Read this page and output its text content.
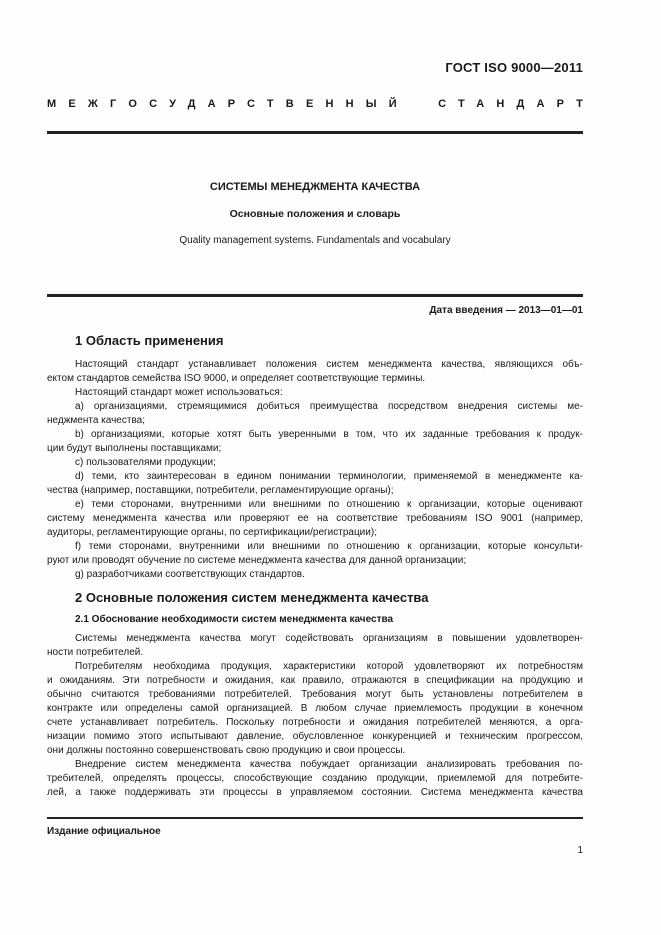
ГОСТ ISO 9000—2011
МЕЖГОСУДАРСТВЕННЫЙ	СТАНДАРТ
СИСТЕМЫ МЕНЕДЖМЕНТА КАЧЕСТВА
Основные положения и словарь
Quality management systems. Fundamentals and vocabulary
Дата введения — 2013—01—01
1 Область применения
Настоящий стандарт устанавливает положения систем менеджмента качества, являющихся объ-
ектом стандартов семейства ISO 9000, и определяет соответствующие термины.
Настоящий стандарт может использоваться:
а) организациями, стремящимися добиться преимущества посредством внедрения системы ме-
неджмента качества;
b) организациями, которые хотят быть уверенными в том, что их заданные требования к продук-
ции будут выполнены поставщиками;
с) пользователями продукции;
d) теми, кто заинтересован в едином понимании терминологии, применяемой в менеджменте ка-
чества (например, поставщики, потребители, регламентирующие органы);
е) теми сторонами, внутренними или внешними по отношению к организации, которые оценивают
систему менеджмента качества или проверяют ее на соответствие требованиям ISO 9001 (например,
аудиторы, регламентирующие органы, по сертификации/регистрации);
f) теми сторонами, внутренними или внешними по отношению к организации, которые консульти-
руют или проводят обучение по системе менеджмента качества для данной организации;
g) разработчиками соответствующих стандартов.
2 Основные положения систем менеджмента качества
2.1 Обоснование необходимости систем менеджмента качества
Системы менеджмента качества могут содействовать организациям в повышении удовлетворен-
ности потребителей.
Потребителям необходима продукция, характеристики которой удовлетворяют их потребностям
и ожиданиям. Эти потребности и ожидания, как правило, отражаются в спецификации на продукцию и
обычно считаются требованиями потребителей. Требования могут быть установлены потребителем в
контракте или определены самой организацией. В любом случае приемлемость продукции в конечном
счете устанавливает потребитель. Поскольку потребности и ожидания потребителей меняются, а орга-
низации помимо этого испытывают давление, обусловленное конкуренцией и техническим прогрессом,
они должны постоянно совершенствовать свою продукцию и свои процессы.
Внедрение систем менеджмента качества побуждает организации анализировать требования по-
требителей, определять процессы, способствующие созданию продукции, приемлемой для потребите-
лей, а также поддерживать эти процессы в управляемом состоянии. Система менеджмента качества
Издание официальное
1
